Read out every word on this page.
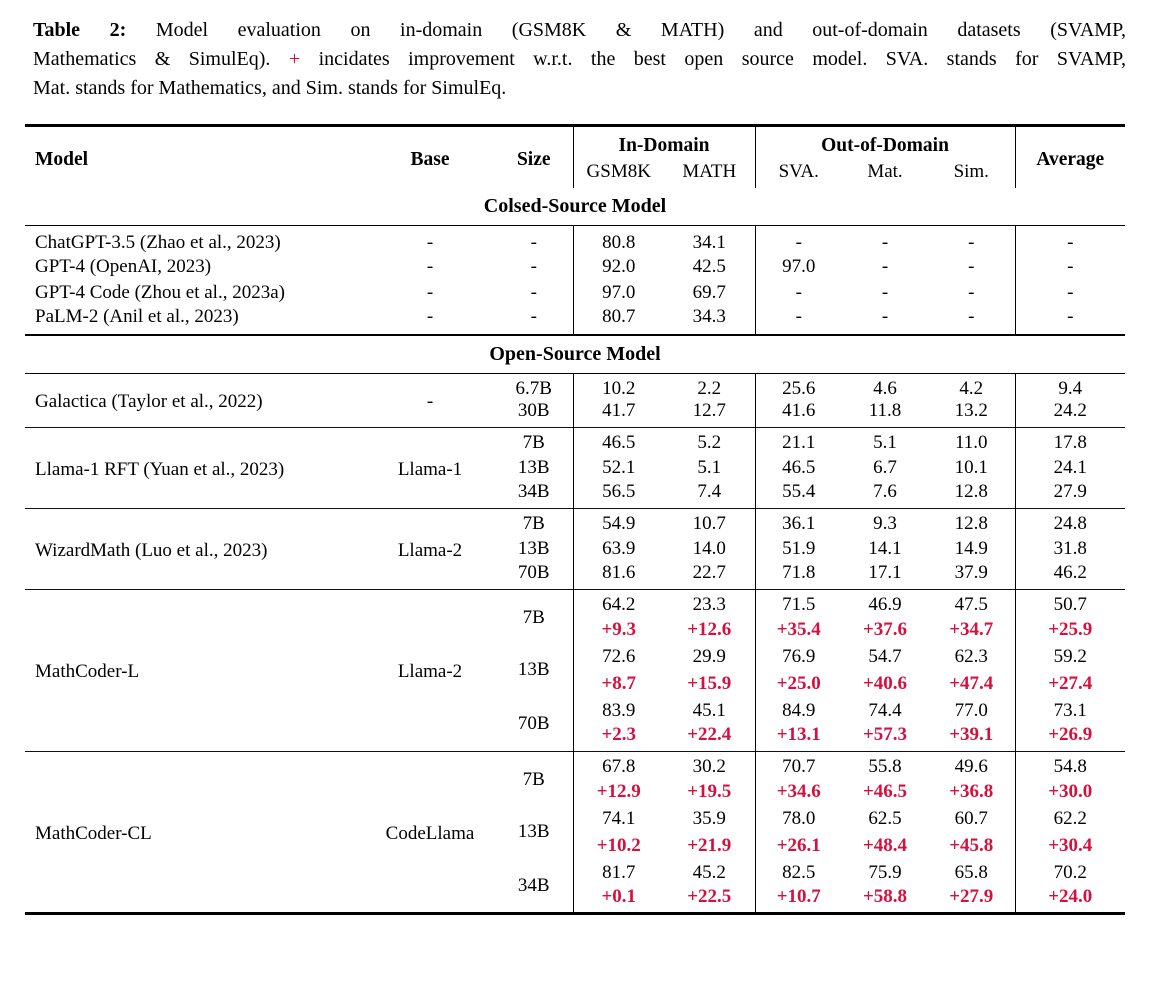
Table 2: Model evaluation on in-domain (GSM8K & MATH) and out-of-domain datasets (SVAMP,
Mathematics & SimulEq). + incidates improvement w.r.t. the best open source model. SVA. stands for SVAMP,
Mat. stands for Mathematics, and Sim. stands for SimulEq.
Model	Base	Size	In-Domain		Out-of-Domain			Average
			GSM8K	MATH	SVA.	Mat.	Sim.	
Colsed-Source Model								
ChatGPT-3.5 (Zhao et al., 2023)	-	-	80.8	34.1	-	-	-	-
GPT-4 (OpenAI, 2023)	-	-	92.0	42.5	97.0	-	-	-
GPT-4 Code (Zhou et al., 2023a)	-	-	97.0	69.7	-	-	-	-
PaLM-2 (Anil et al., 2023)	-	-	80.7	34.3	-	-	-	-
Open-Source Model								
Galactica (Taylor et al., 2022)	-	6.7B	10.2	2.2	25.6	4.6	4.2	9.4
		30B	41.7	12.7	41.6	11.8	13.2	24.2
Llama-1 RFT (Yuan et al., 2023)	Llama-1	7B	46.5	5.2	21.1	5.1	11.0	17.8
		13B	52.1	5.1	46.5	6.7	10.1	24.1
		34B	56.5	7.4	55.4	7.6	12.8	27.9
WizardMath (Luo et al., 2023)	Llama-2	7B	54.9	10.7	36.1	9.3	12.8	24.8
		13B	63.9	14.0	51.9	14.1	14.9	31.8
		70B	81.6	22.7	71.8	17.1	37.9	46.2
MathCoder-L	Llama-2	7B	64.2	23.3	71.5	46.9	47.5	50.7
			+9.3	+12.6	+35.4	+37.6	+34.7	+25.9
		13B	72.6	29.9	76.9	54.7	62.3	59.2
			+8.7	+15.9	+25.0	+40.6	+47.4	+27.4
		70B	83.9	45.1	84.9	74.4	77.0	73.1
			+2.3	+22.4	+13.1	+57.3	+39.1	+26.9
MathCoder-CL	CodeLlama	7B	67.8	30.2	70.7	55.8	49.6	54.8
			+12.9	+19.5	+34.6	+46.5	+36.8	+30.0
		13B	74.1	35.9	78.0	62.5	60.7	62.2
			+10.2	+21.9	+26.1	+48.4	+45.8	+30.4
		34B	81.7	45.2	82.5	75.9	65.8	70.2
			+0.1	+22.5	+10.7	+58.8	+27.9	+24.0
